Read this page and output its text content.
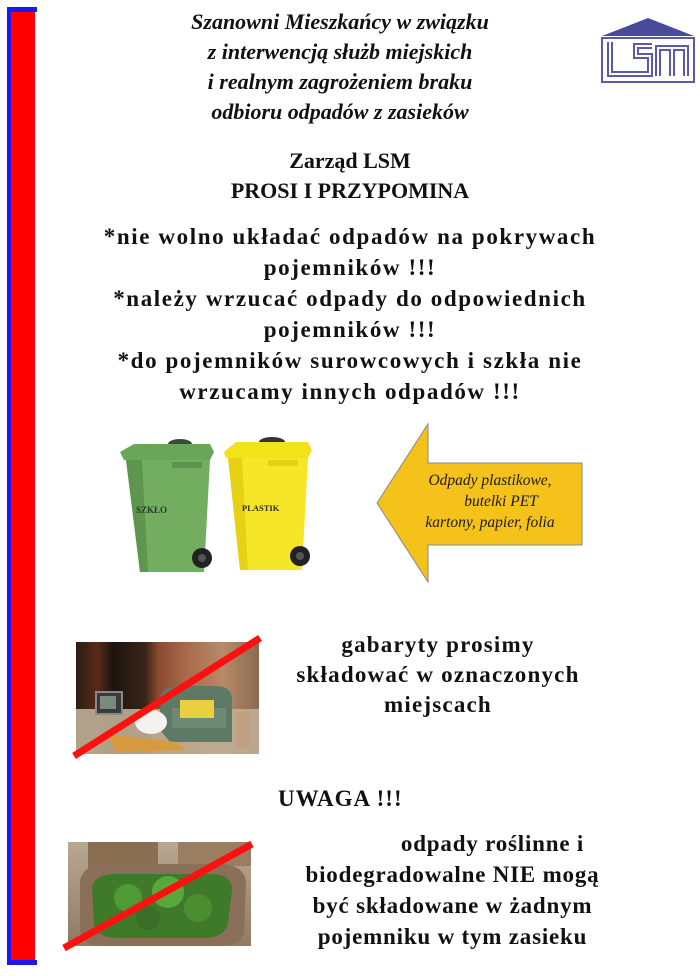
Szanowni Mieszkańcy w związku
z interwencją służb miejskich
i realnym zagrożeniem braku
odbioru odpadów z zasieków
Zarząd LSM
PROSI I PRZYPOMINA
*nie wolno układać odpadów na pokrywach
pojemników !!!
*należy wrzucać odpady do odpowiednich
pojemników !!!
*do pojemników surowcowych i szkła nie
wrzucamy innych odpadów !!!
SZKŁO	PLASTIK
Odpady plastikowe,
butelki PET
kartony, papier, folia
gabaryty prosimy
składować w oznaczonych
miejscach
UWAGA !!!
odpady roślinne i
biodegradowalne NIE mogą
być składowane w żadnym
pojemniku w tym zasieku
